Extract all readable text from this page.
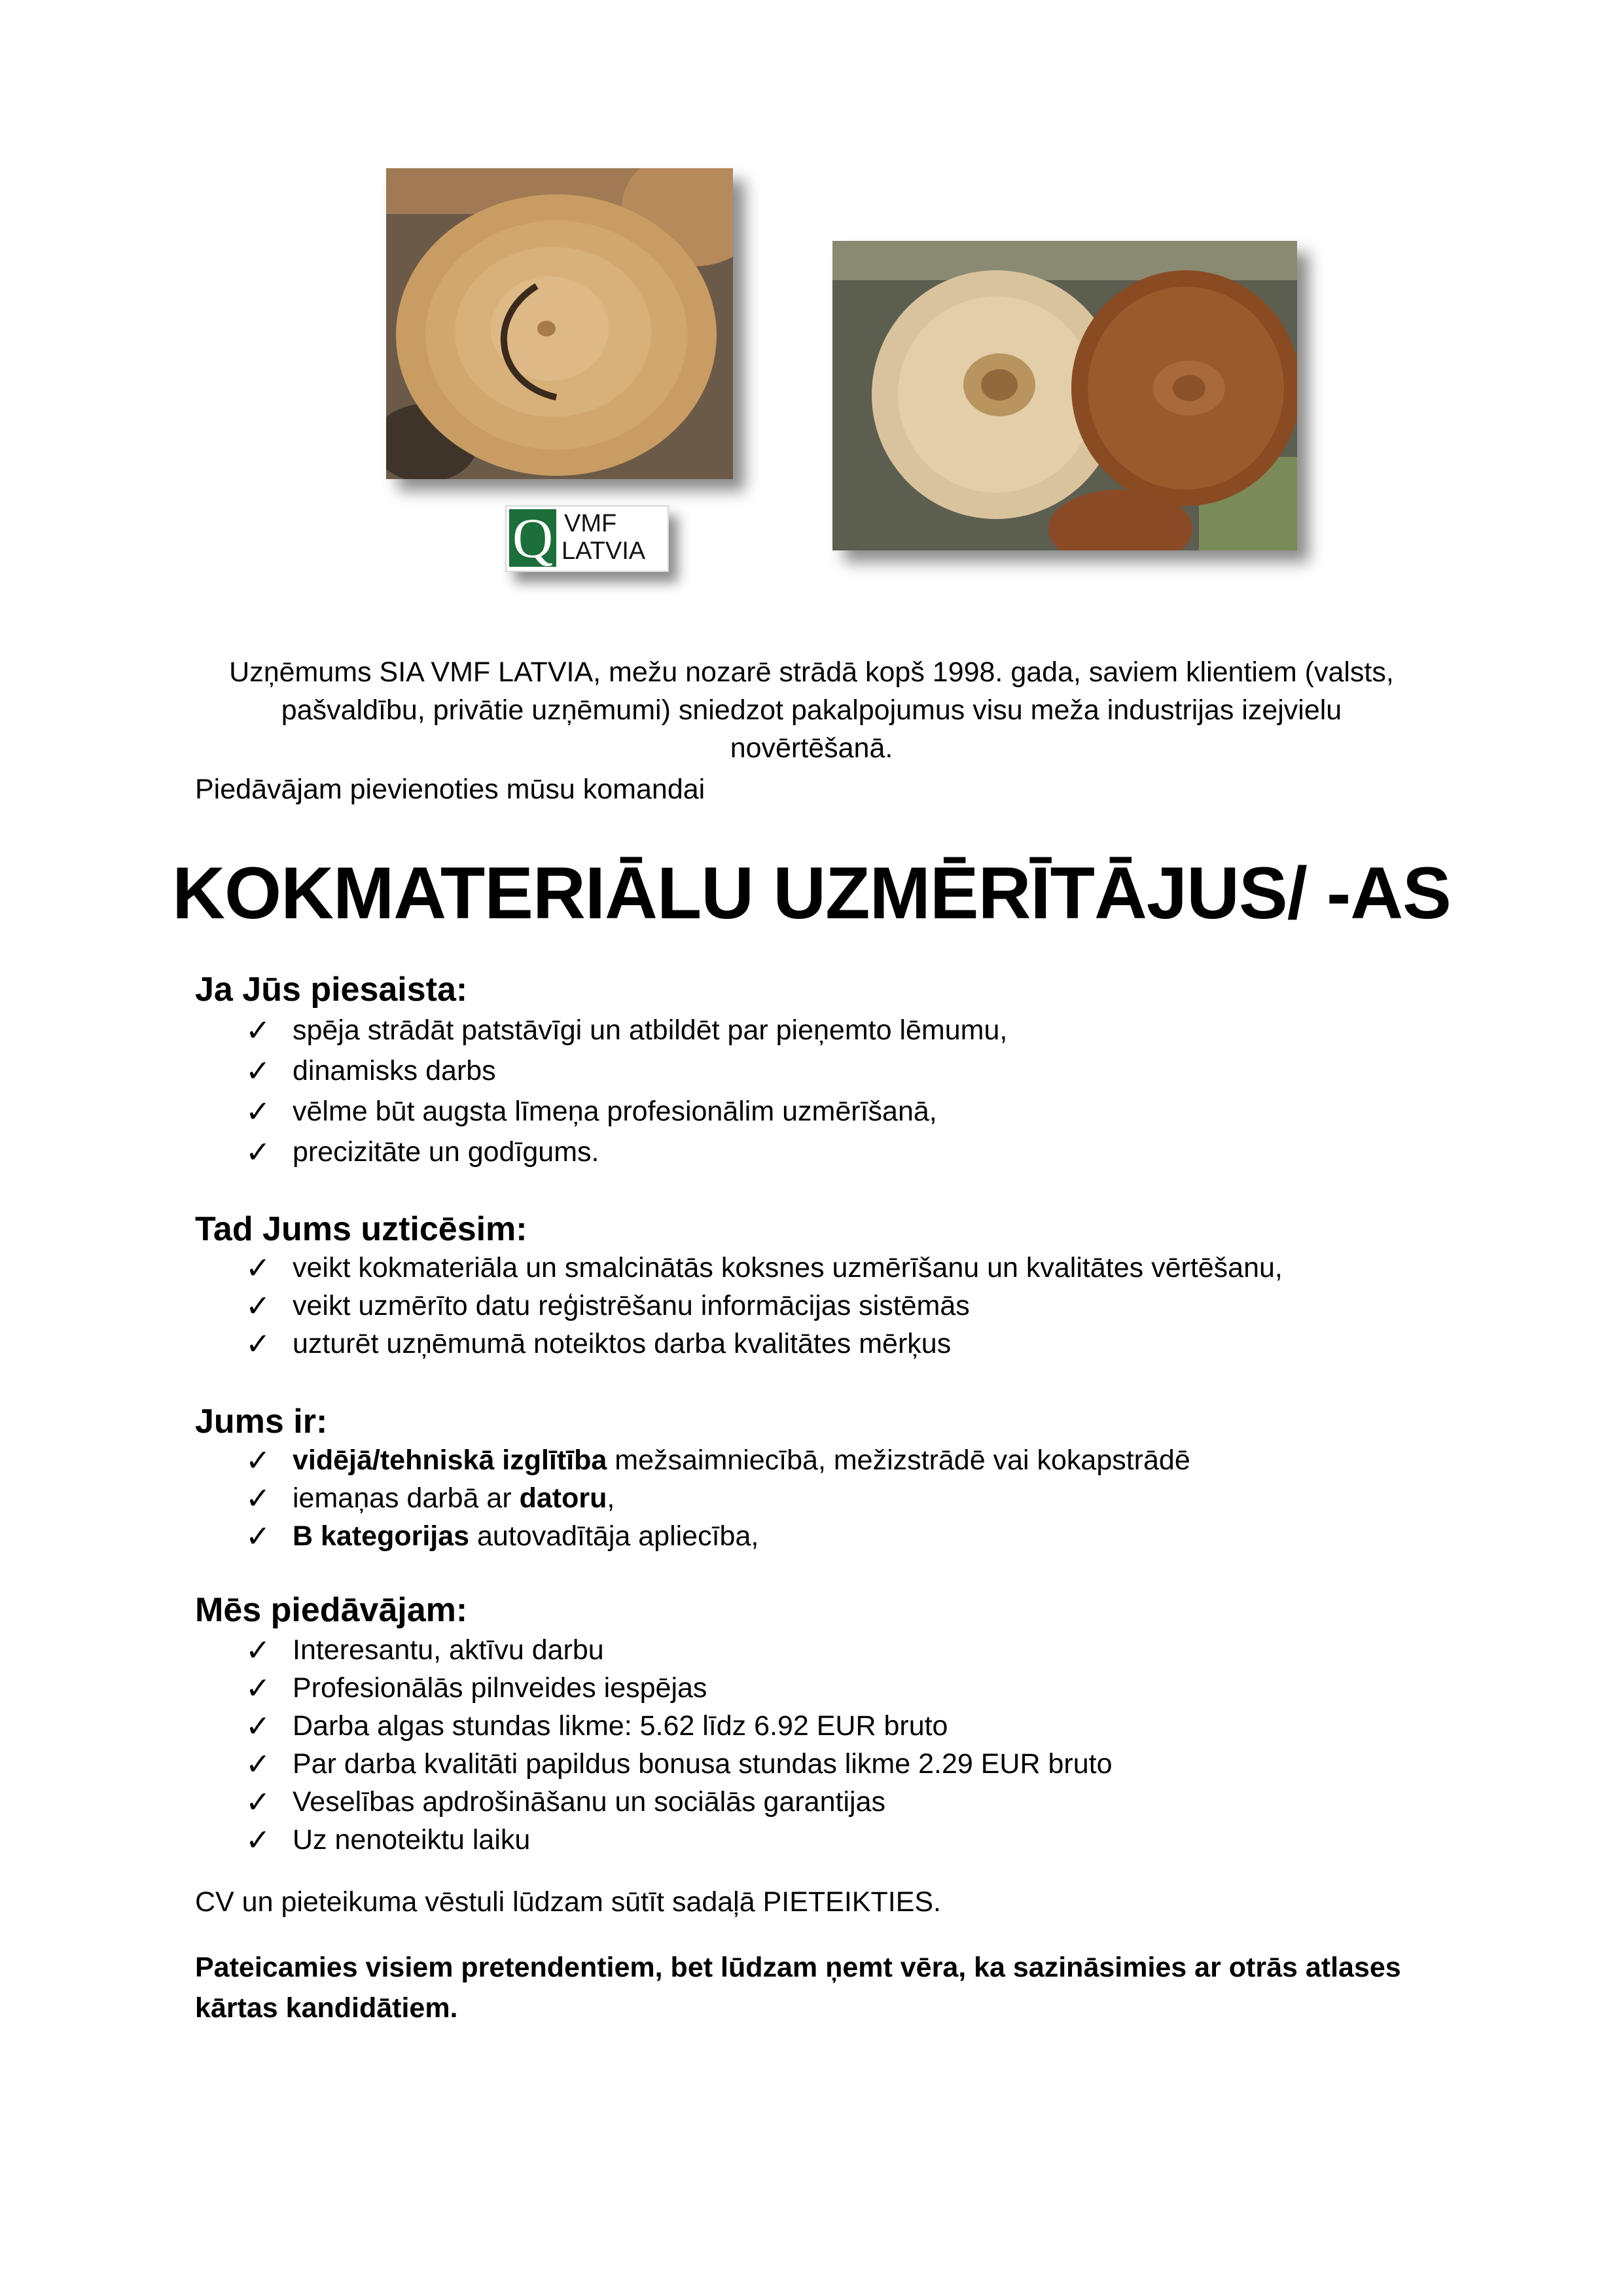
Q VMF
LATVIA
Uzņēmums SIA VMF LATVIA, mežu nozarē strādā kopš 1998. gada, saviem klientiem (valsts, pašvaldību, privātie uzņēmumi) sniedzot pakalpojumus visu meža industrijas izejvielu novērtēšanā.
Piedāvājam pievienoties mūsu komandai
KOKMATERIĀLU UZMĒRĪTĀJUS/ -AS
Ja Jūs piesaista:
✓ spēja strādāt patstāvīgi un atbildēt par pieņemto lēmumu,
✓ dinamisks darbs
✓ vēlme būt augsta līmeņa profesionālim uzmērīšanā,
✓ precizitāte un godīgums.
Tad Jums uzticēsim:
✓ veikt kokmateriāla un smalcinātās koksnes uzmērīšanu un kvalitātes vērtēšanu,
✓ veikt uzmērīto datu reģistrēšanu informācijas sistēmās
✓ uzturēt uzņēmumā noteiktos darba kvalitātes mērķus
Jums ir:
✓ vidējā/tehniskā izglītība mežsaimniecībā, mežizstrādē vai kokapstrādē
✓ iemaņas darbā ar datoru,
✓ B kategorijas autovadītāja apliecība,
Mēs piedāvājam:
✓ Interesantu, aktīvu darbu
✓ Profesionālās pilnveides iespējas
✓ Darba algas stundas likme: 5.62 līdz 6.92 EUR bruto
✓ Par darba kvalitāti papildus bonusa stundas likme 2.29 EUR bruto
✓ Veselības apdrošināšanu un sociālās garantijas
✓ Uz nenoteiktu laiku
CV un pieteikuma vēstuli lūdzam sūtīt sadaļā PIETEIKTIES.
Pateicamies visiem pretendentiem, bet lūdzam ņemt vēra, ka sazināsimies ar otrās atlases kārtas kandidātiem.
